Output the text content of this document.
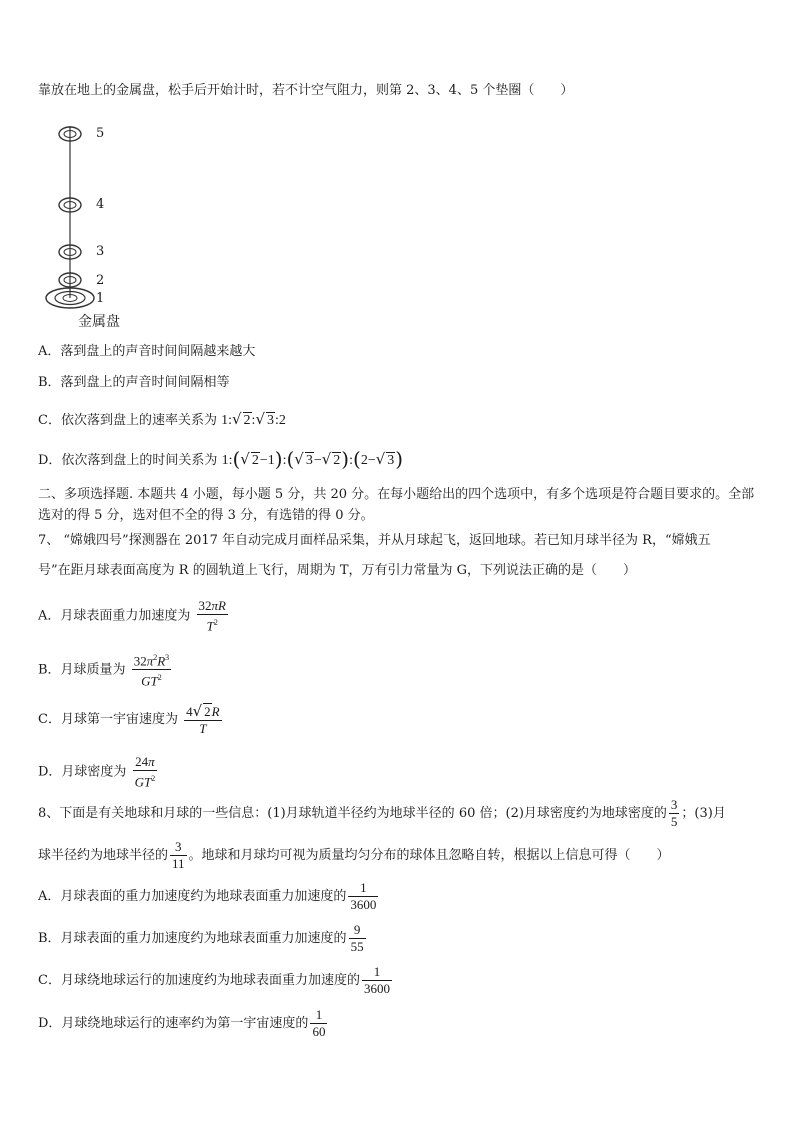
靠放在地上的金属盘，松手后开始计时，若不计空气阻力，则第 2、3、4、5 个垫圈（　　）
5
4
3
2
1
金属盘
A．落到盘上的声音时间间隔越来越大
B．落到盘上的声音时间间隔相等
C．依次落到盘上的速率关系为 1:√ 2:√ 3:2
D．依次落到盘上的时间关系为 1:(√ 2−1):(√ 3−√ 2):(2−√ 3)
二、多项选择题. 本题共 4 小题，每小题 5 分，共 20 分。在每小题给出的四个选项中，有多个选项是符合题目要求的。全部选对的得 5 分，选对但不全的得 3 分，有选错的得 0 分。
7、 “嫦娥四号”探测器在 2017 年自动完成月面样品采集，并从月球起飞，返回地球。若已知月球半径为 R，“嫦娥五
号”在距月球表面高度为 R 的圆轨道上飞行，周期为 T，万有引力常量为 G，下列说法正确的是（　　）
A．月球表面重力加速度为 $\frac{32\pi R}{T^2}$
B．月球质量为 $\frac{32\pi^2R^3}{GT^2}$
C．月球第一宇宙速度为 $\frac{4√ 2R}{T}$
D．月球密度为 $\frac{24\pi}{GT^2}$
8、下面是有关地球和月球的一些信息：(1)月球轨道半径约为地球半径的 60 倍；(2)月球密度约为地球密度的 $\frac{3}{5}$ ；(3)月
球半径约为地球半径的 $\frac{3}{11}$ 。地球和月球均可视为质量均匀分布的球体且忽略自转，根据以上信息可得（　　）
A．月球表面的重力加速度约为地球表面重力加速度的 $\frac{1}{3600}$
B．月球表面的重力加速度约为地球表面重力加速度的 $\frac{9}{55}$
C．月球绕地球运行的加速度约为地球表面重力加速度的 $\frac{1}{3600}$
D．月球绕地球运行的速率约为第一宇宙速度的 $\frac{1}{60}$
